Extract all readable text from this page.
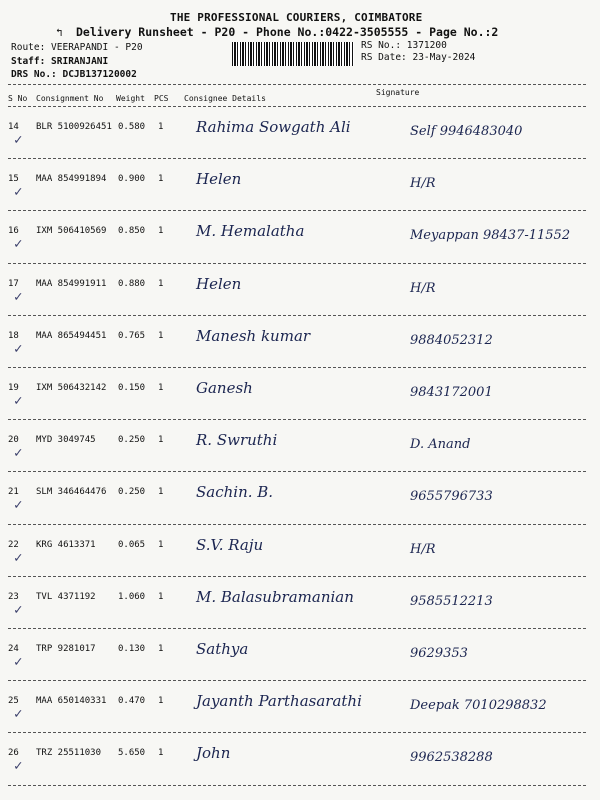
↰
THE PROFESSIONAL COURIERS, COIMBATORE
Delivery Runsheet - P20 - Phone No.:0422-3505555 - Page No.:2
Route: VEERAPANDI - P20
Staff: SRIRANJANI
DRS No.: DCJB137120002
RS No.: 1371200
RS Date: 23-May-2024
S No Consignment No Weight PCS Consignee Details
Signature
14 BLR 5100926451 0.580 1 Rahima Sowgath Ali	Self 9946483040
✓
15 MAA 854991894 0.900 1 Helen	H/R
✓
16 IXM 506410569 0.850 1 M. Hemalatha	Meyappan 98437-11552
✓
17 MAA 854991911 0.880 1 Helen	H/R
✓
18 MAA 865494451 0.765 1 Manesh kumar	9884052312
✓
19 IXM 506432142 0.150 1 Ganesh	9843172001
✓
20 MYD 3049745 0.250 1 R. Swruthi	D. Anand
✓
21 SLM 346464476 0.250 1 Sachin. B.	9655796733
✓
22 KRG 4613371 0.065 1 S.V. Raju	H/R
✓
23 TVL 4371192 1.060 1 M. Balasubramanian	9585512213
✓
24 TRP 9281017 0.130 1 Sathya	9629353
✓
25 MAA 650140331 0.470 1 Jayanth Parthasarathi	Deepak 7010298832
✓
26 TRZ 25511030 5.650 1 John	9962538288
✓
